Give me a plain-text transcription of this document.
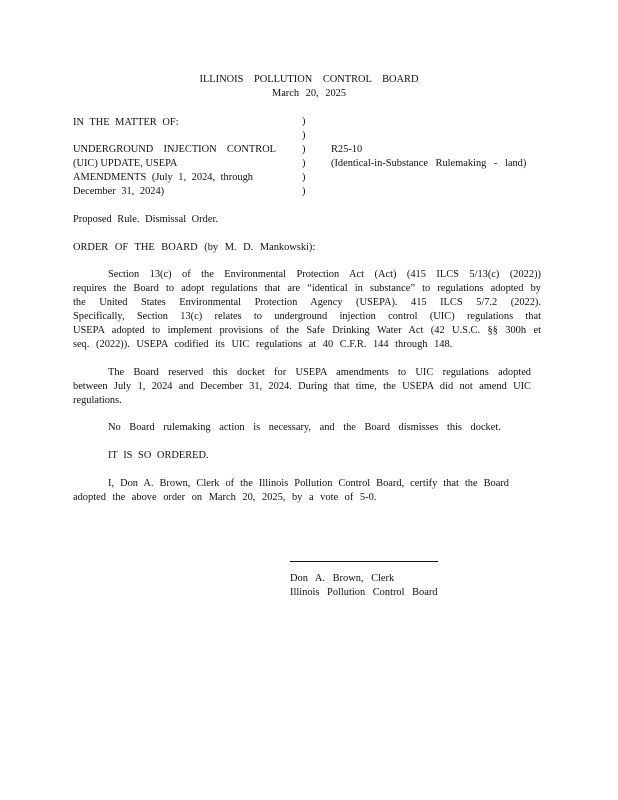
ILLINOIS POLLUTION CONTROL BOARD
March 20, 2025
IN THE MATTER OF:
UNDERGROUND INJECTION CONTROL
(UIC) UPDATE, USEPA
AMENDMENTS (July 1, 2024, through
December 31, 2024)
)
)
)
)
)
)
R25-10
(Identical-in-Substance Rulemaking - land)
Proposed Rule. Dismissal Order.
ORDER OF THE BOARD (by M. D. Mankowski):
Section 13(c) of the Environmental Protection Act (Act) (415 ILCS 5/13(c) (2022))
requires the Board to adopt regulations that are “identical in substance” to regulations adopted by
the United States Environmental Protection Agency (USEPA). 415 ILCS 5/7.2 (2022).
Specifically, Section 13(c) relates to underground injection control (UIC) regulations that
USEPA adopted to implement provisions of the Safe Drinking Water Act (42 U.S.C. §§ 300h et
seq. (2022)). USEPA codified its UIC regulations at 40 C.F.R. 144 through 148.
The Board reserved this docket for USEPA amendments to UIC regulations adopted
between July 1, 2024 and December 31, 2024. During that time, the USEPA did not amend UIC
regulations.
No Board rulemaking action is necessary, and the Board dismisses this docket.
IT IS SO ORDERED.
I, Don A. Brown, Clerk of the Illinois Pollution Control Board, certify that the Board
adopted the above order on March 20, 2025, by a vote of 5-0.
Don A. Brown, Clerk
Illinois Pollution Control Board
